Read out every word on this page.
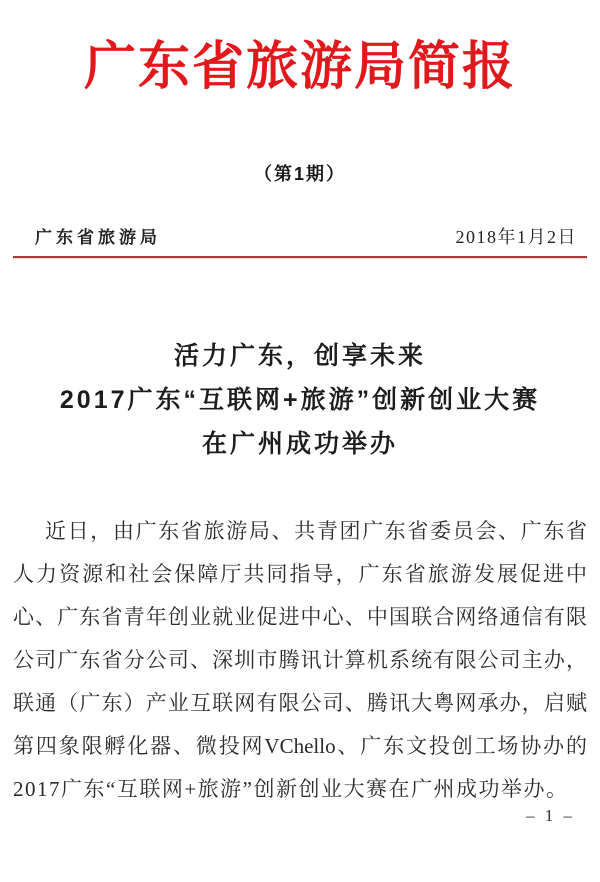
广东省旅游局简报
（第1期）
广东省旅游局	2018年1月2日
活力广东，创享未来
2017广东“互联网+旅游”创新创业大赛
在广州成功举办
近日，由广东省旅游局、共青团广东省委员会、广东省
人力资源和社会保障厅共同指导，广东省旅游发展促进中
心、广东省青年创业就业促进中心、中国联合网络通信有限
公司广东省分公司、深圳市腾讯计算机系统有限公司主办，
联通（广东）产业互联网有限公司、腾讯大粤网承办，启赋
第四象限孵化器、微投网VChello、广东文投创工场协办的
2017广东“互联网+旅游”创新创业大赛在广州成功举办。
– 1 –
